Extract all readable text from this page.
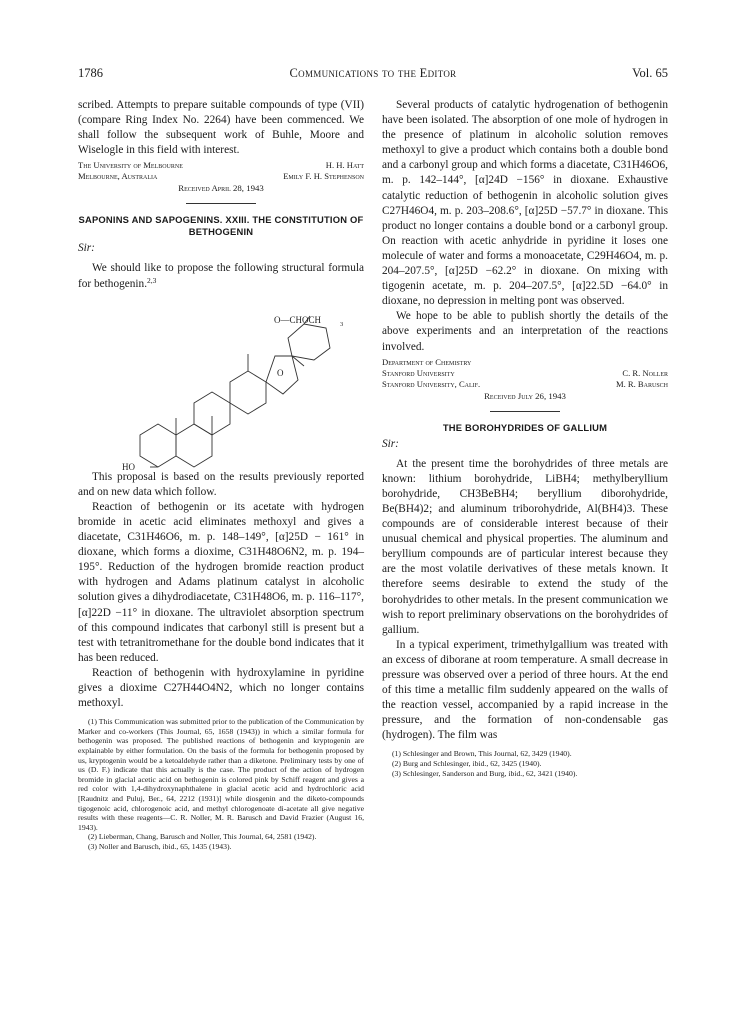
1786	Communications to the Editor	Vol. 65

scribed. Attempts to prepare suitable compounds of type (VII) (compare Ring Index No. 2264) have been commenced. We shall follow the subsequent work of Buhle, Moore and Wiselogle in this field with interest.

The University of Melbourne	H. H. Hatt
Melbourne, Australia	Emily F. H. Stephenson
Received April 28, 1943
SAPONINS AND SAPOGENINS. XXIII. THE CONSTITUTION OF BETHOGENIN
Sir:

We should like to propose the following structural formula for bethogenin.$^{2,3}$

HO
O
O—CHOCH	3

This proposal is based on the results previously reported and on new data which follow.

Reaction of bethogenin or its acetate with hydrogen bromide in acetic acid eliminates methoxyl and gives a diacetate, C31H46O6, m. p. 148–149°, [α]25D − 161° in dioxane, which forms a dioxime, C31H48O6N2, m. p. 194–195°. Reduction of the hydrogen bromide reaction product with hydrogen and Adams platinum catalyst in alcoholic solution gives a dihydrodiacetate, C31H48O6, m. p. 116–117°, [α]22D −11° in dioxane. The ultraviolet absorption spectrum of this compound indicates that carbonyl still is present but a test with tetranitromethane for the double bond indicates that it has been reduced.

Reaction of bethogenin with hydroxylamine in pyridine gives a dioxime C27H44O4N2, which no longer contains methoxyl.

(1) This Communication was submitted prior to the publication of the Communication by Marker and co-workers (This Journal, 65, 1658 (1943)) in which a similar formula for bethogenin was proposed. The published reactions of bethogenin and kryptogenin are explainable by either formulation. On the basis of the formula for bethogenin proposed by us, kryptogenin would be a ketoaldehyde rather than a diketone. Preliminary tests by one of us (D. F.) indicate that this actually is the case. The product of the action of hydrogen bromide in glacial acetic acid on bethogenin is colored pink by Schiff reagent and gives a red color with 1,4-dihydroxynaphthalene in glacial acetic acid and hydrochloric acid [Raudnitz and Puluj, Ber., 64, 2212 (1931)] while diosgenin and the diketo-compounds tigogenoic acid, chlorogenoic acid, and methyl chlorogenoate di-acetate all give negative results with these reagents—C. R. Noller, M. R. Barusch and David Frazier (August 16, 1943).

(2) Lieberman, Chang, Barusch and Noller, This Journal, 64, 2581 (1942).

(3) Noller and Barusch, ibid., 65, 1435 (1943).

Several products of catalytic hydrogenation of bethogenin have been isolated. The absorption of one mole of hydrogen in the presence of platinum in alcoholic solution removes methoxyl to give a product which contains both a double bond and a carbonyl group and which forms a diacetate, C31H46O6, m. p. 142–144°, [α]24D −156° in dioxane. Exhaustive catalytic reduction of bethogenin in alcoholic solution gives C27H46O4, m. p. 203–208.6°, [α]25D −57.7° in dioxane. This product no longer contains a double bond or a carbonyl group. On reaction with acetic anhydride in pyridine it loses one molecule of water and forms a monoacetate, C29H46O4, m. p. 204–207.5°, [α]25D −62.2° in dioxane. On mixing with tigogenin acetate, m. p. 204–207.5°, [α]22.5D −64.0° in dioxane, no depression in melting pont was observed.

We hope to be able to publish shortly the details of the above experiments and an interpretation of the reactions involved.

Department of Chemistry
Stanford University	C. R. Noller
Stanford University, Calif.	M. R. Barusch
Received July 26, 1943
THE BOROHYDRIDES OF GALLIUM
Sir:

At the present time the borohydrides of three metals are known: lithium borohydride, LiBH4; methylberyllium borohydride, CH3BeBH4; beryllium diborohydride, Be(BH4)2; and aluminum triborohydride, Al(BH4)3. These compounds are of considerable interest because of their unusual chemical and physical properties. The aluminum and beryllium compounds are of particular interest because they are the most volatile derivatives of these metals known. It therefore seems desirable to extend the study of the borohydrides to other metals. In the present communication we wish to report preliminary observations on the borohydrides of gallium.

In a typical experiment, trimethylgallium was treated with an excess of diborane at room temperature. A small decrease in pressure was observed over a period of three hours. At the end of this time a metallic film suddenly appeared on the walls of the reaction vessel, accompanied by a rapid increase in the pressure, and the formation of non-condensable gas (hydrogen). The film was

(1) Schlesinger and Brown, This Journal, 62, 3429 (1940).

(2) Burg and Schlesinger, ibid., 62, 3425 (1940).

(3) Schlesinger, Sanderson and Burg, ibid., 62, 3421 (1940).
